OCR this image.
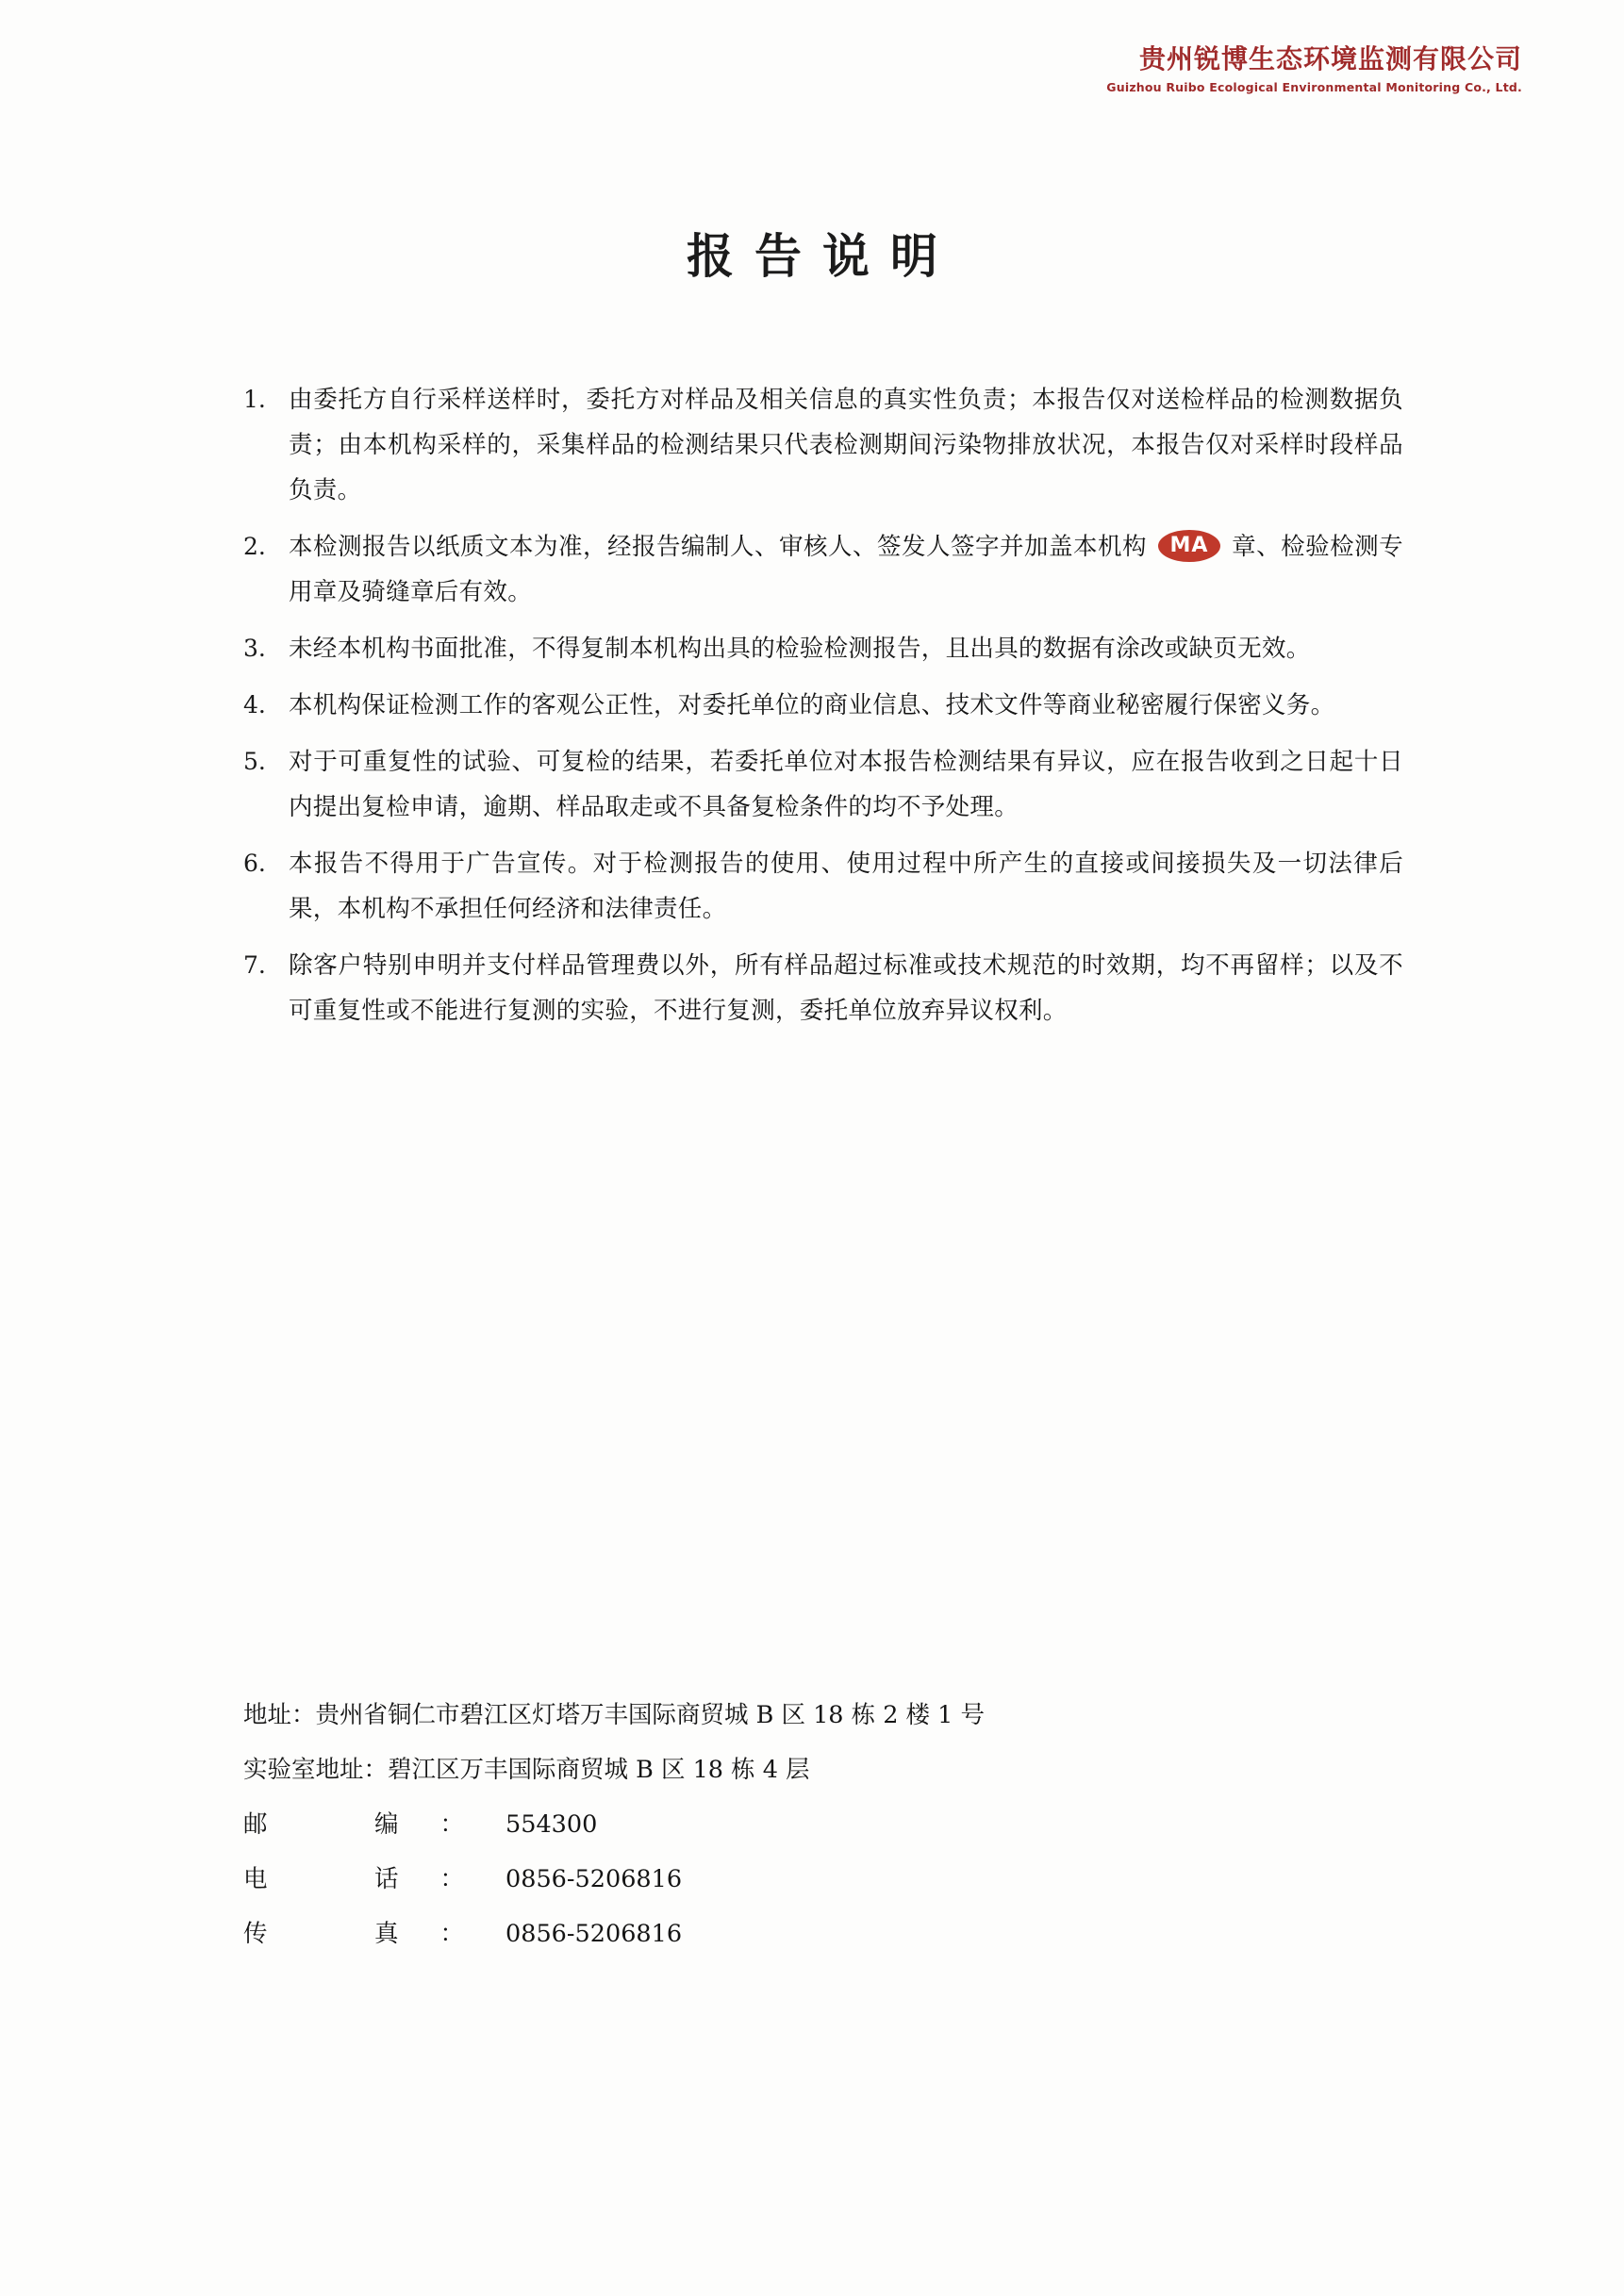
贵州锐博生态环境监测有限公司
Guizhou Ruibo Ecological Environmental Monitoring Co., Ltd.
报告说明
1. 由委托方自行采样送样时，委托方对样品及相关信息的真实性负责；本报告仅对送检样品的检测数据负责；由本机构采样的，采集样品的检测结果只代表检测期间污染物排放状况，本报告仅对采样时段样品负责。
2. 本检测报告以纸质文本为准，经报告编制人、审核人、签发人签字并加盖本机构	MA 章、检验检测专用章及骑缝章后有效。
3. 未经本机构书面批准，不得复制本机构出具的检验检测报告，且出具的数据有涂改或缺页无效。
4. 本机构保证检测工作的客观公正性，对委托单位的商业信息、技术文件等商业秘密履行保密义务。
5. 对于可重复性的试验、可复检的结果，若委托单位对本报告检测结果有异议，应在报告收到之日起十日内提出复检申请，逾期、样品取走或不具备复检条件的均不予处理。
6. 本报告不得用于广告宣传。对于检测报告的使用、使用过程中所产生的直接或间接损失及一切法律后果，本机构不承担任何经济和法律责任。
7. 除客户特别申明并支付样品管理费以外，所有样品超过标准或技术规范的时效期，均不再留样；以及不可重复性或不能进行复测的实验，不进行复测，委托单位放弃异议权利。
地址：贵州省铜仁市碧江区灯塔万丰国际商贸城 B 区 18 栋 2 楼 1 号
实验室地址：碧江区万丰国际商贸城 B 区 18 栋 4 层
邮　编：554300
电　话：0856-5206816
传　真：0856-5206816
